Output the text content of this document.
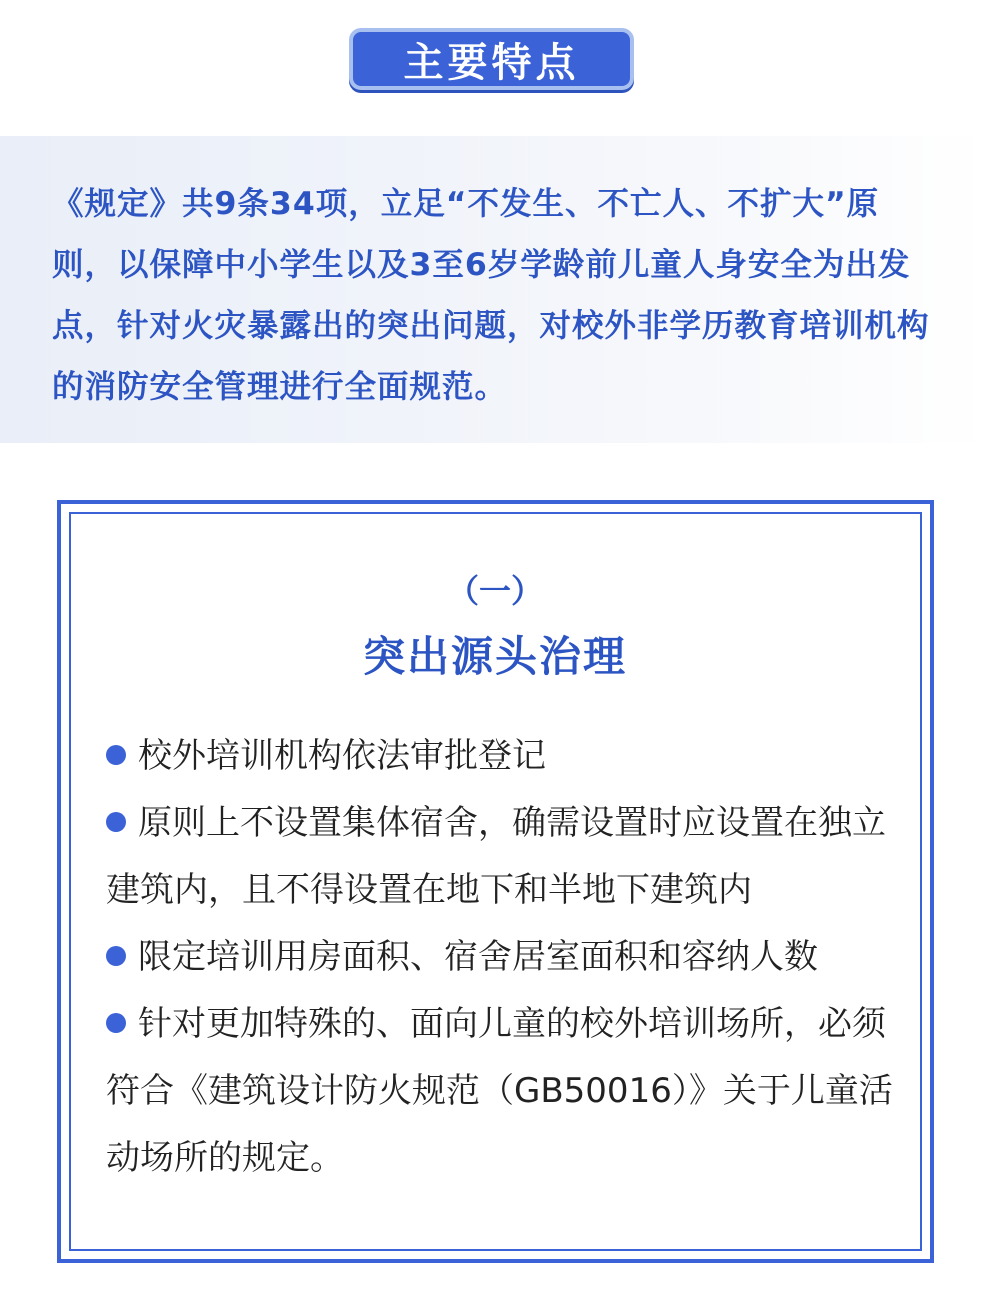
主要特点

《规定》共9条34项，立足“不发生、不亡人、不扩大”原则，以保障中小学生以及3至6岁学龄前儿童人身安全为出发点，针对火灾暴露出的突出问题，对校外非学历教育培训机构的消防安全管理进行全面规范。

（一）
突出源头治理
校外培训机构依法审批登记
原则上不设置集体宿舍，确需设置时应设置在独立建筑内，且不得设置在地下和半地下建筑内
限定培训用房面积、宿舍居室面积和容纳人数
针对更加特殊的、面向儿童的校外培训场所，必须符合《建筑设计防火规范（GB50016）》关于儿童活动场所的规定。
